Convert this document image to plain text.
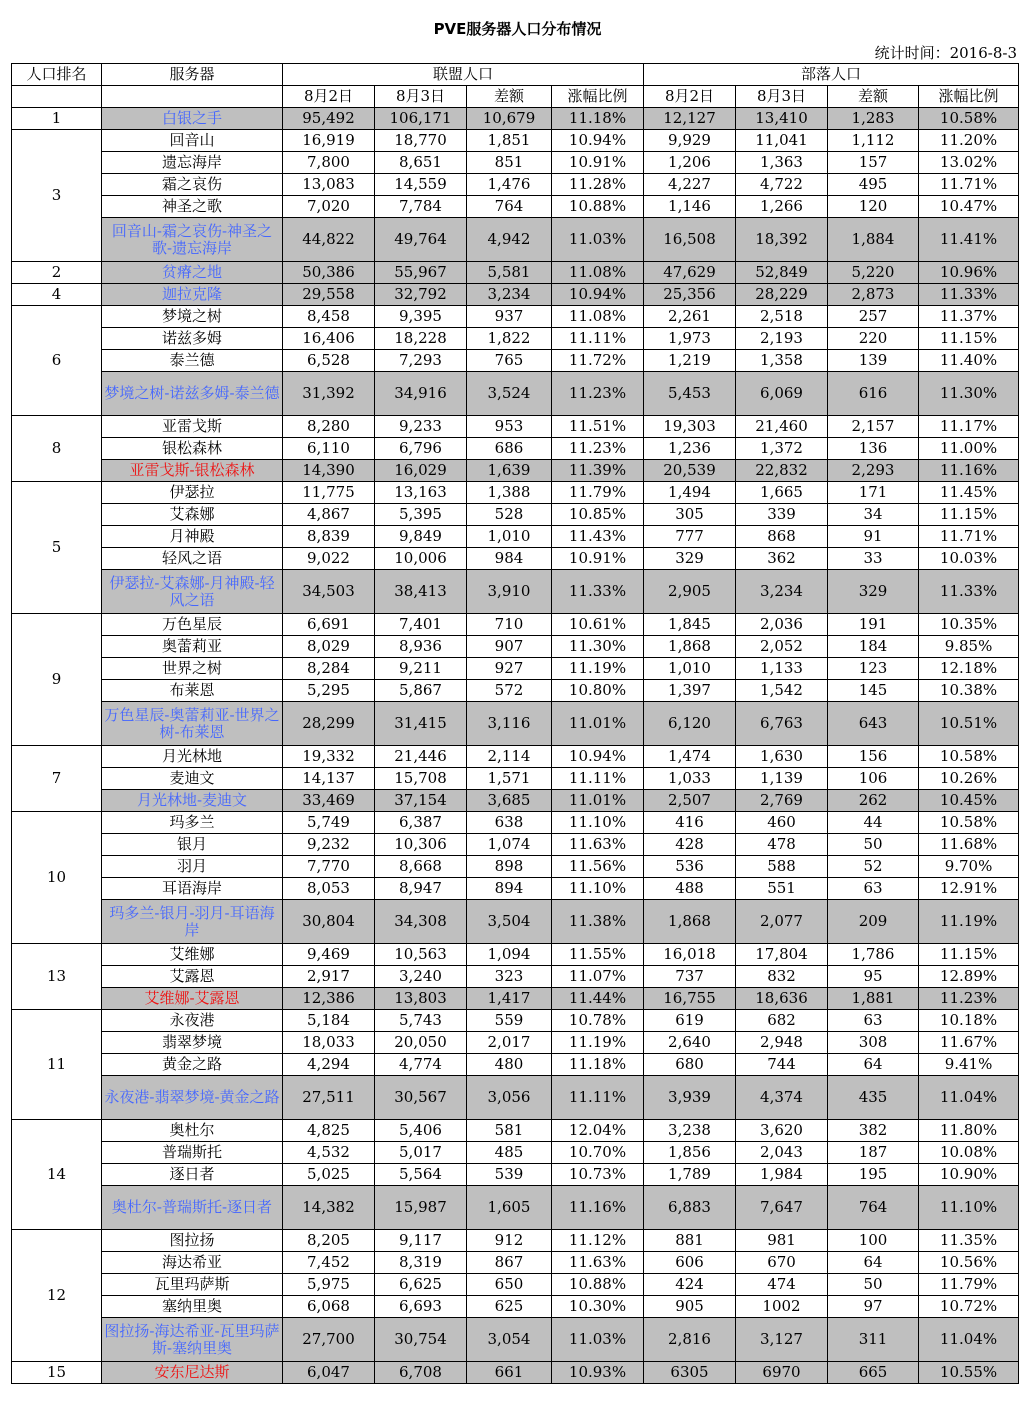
PVE服务器人口分布情况
统计时间：2016-8-3
人口排名	服务器	联盟人口				部落人口			
		8月2日	8月3日	差额	涨幅比例	8月2日	8月3日	差额	涨幅比例
1	白银之手	95,492	106,171	10,679	11.18%	12,127	13,410	1,283	10.58%
3	回音山	16,919	18,770	1,851	10.94%	9,929	11,041	1,112	11.20%
	遗忘海岸	7,800	8,651	851	10.91%	1,206	1,363	157	13.02%
	霜之哀伤	13,083	14,559	1,476	11.28%	4,227	4,722	495	11.71%
	神圣之歌	7,020	7,784	764	10.88%	1,146	1,266	120	10.47%
	回音山-霜之哀伤-神圣之歌-遗忘海岸	44,822	49,764	4,942	11.03%	16,508	18,392	1,884	11.41%
2	贫瘠之地	50,386	55,967	5,581	11.08%	47,629	52,849	5,220	10.96%
4	迦拉克隆	29,558	32,792	3,234	10.94%	25,356	28,229	2,873	11.33%
6	梦境之树	8,458	9,395	937	11.08%	2,261	2,518	257	11.37%
	诺兹多姆	16,406	18,228	1,822	11.11%	1,973	2,193	220	11.15%
	泰兰德	6,528	7,293	765	11.72%	1,219	1,358	139	11.40%
	梦境之树-诺兹多姆-泰兰德	31,392	34,916	3,524	11.23%	5,453	6,069	616	11.30%
8	亚雷戈斯	8,280	9,233	953	11.51%	19,303	21,460	2,157	11.17%
	银松森林	6,110	6,796	686	11.23%	1,236	1,372	136	11.00%
	亚雷戈斯-银松森林	14,390	16,029	1,639	11.39%	20,539	22,832	2,293	11.16%
5	伊瑟拉	11,775	13,163	1,388	11.79%	1,494	1,665	171	11.45%
	艾森娜	4,867	5,395	528	10.85%	305	339	34	11.15%
	月神殿	8,839	9,849	1,010	11.43%	777	868	91	11.71%
	轻风之语	9,022	10,006	984	10.91%	329	362	33	10.03%
	伊瑟拉-艾森娜-月神殿-轻风之语	34,503	38,413	3,910	11.33%	2,905	3,234	329	11.33%
9	万色星辰	6,691	7,401	710	10.61%	1,845	2,036	191	10.35%
	奥蕾莉亚	8,029	8,936	907	11.30%	1,868	2,052	184	9.85%
	世界之树	8,284	9,211	927	11.19%	1,010	1,133	123	12.18%
	布莱恩	5,295	5,867	572	10.80%	1,397	1,542	145	10.38%
	万色星辰-奥蕾莉亚-世界之树-布莱恩	28,299	31,415	3,116	11.01%	6,120	6,763	643	10.51%
7	月光林地	19,332	21,446	2,114	10.94%	1,474	1,630	156	10.58%
	麦迪文	14,137	15,708	1,571	11.11%	1,033	1,139	106	10.26%
	月光林地-麦迪文	33,469	37,154	3,685	11.01%	2,507	2,769	262	10.45%
10	玛多兰	5,749	6,387	638	11.10%	416	460	44	10.58%
	银月	9,232	10,306	1,074	11.63%	428	478	50	11.68%
	羽月	7,770	8,668	898	11.56%	536	588	52	9.70%
	耳语海岸	8,053	8,947	894	11.10%	488	551	63	12.91%
	玛多兰-银月-羽月-耳语海岸	30,804	34,308	3,504	11.38%	1,868	2,077	209	11.19%
13	艾维娜	9,469	10,563	1,094	11.55%	16,018	17,804	1,786	11.15%
	艾露恩	2,917	3,240	323	11.07%	737	832	95	12.89%
	艾维娜-艾露恩	12,386	13,803	1,417	11.44%	16,755	18,636	1,881	11.23%
11	永夜港	5,184	5,743	559	10.78%	619	682	63	10.18%
	翡翠梦境	18,033	20,050	2,017	11.19%	2,640	2,948	308	11.67%
	黄金之路	4,294	4,774	480	11.18%	680	744	64	9.41%
	永夜港-翡翠梦境-黄金之路	27,511	30,567	3,056	11.11%	3,939	4,374	435	11.04%
14	奥杜尔	4,825	5,406	581	12.04%	3,238	3,620	382	11.80%
	普瑞斯托	4,532	5,017	485	10.70%	1,856	2,043	187	10.08%
	逐日者	5,025	5,564	539	10.73%	1,789	1,984	195	10.90%
	奥杜尔-普瑞斯托-逐日者	14,382	15,987	1,605	11.16%	6,883	7,647	764	11.10%
12	图拉扬	8,205	9,117	912	11.12%	881	981	100	11.35%
	海达希亚	7,452	8,319	867	11.63%	606	670	64	10.56%
	瓦里玛萨斯	5,975	6,625	650	10.88%	424	474	50	11.79%
	塞纳里奥	6,068	6,693	625	10.30%	905	1002	97	10.72%
	图拉扬-海达希亚-瓦里玛萨斯-塞纳里奥	27,700	30,754	3,054	11.03%	2,816	3,127	311	11.04%
15	安东尼达斯	6,047	6,708	661	10.93%	6305	6970	665	10.55%
